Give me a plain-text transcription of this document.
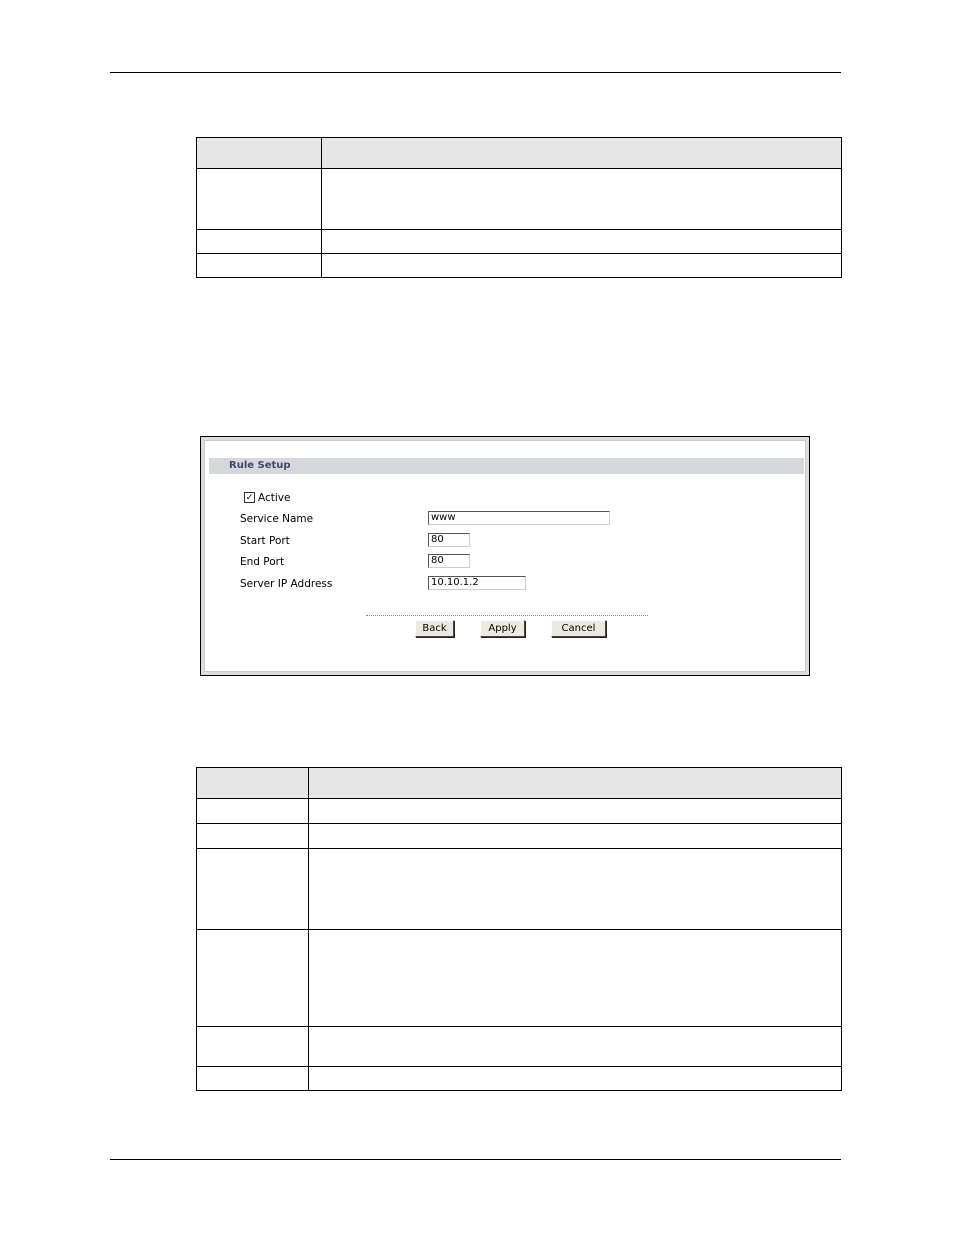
Rule Setup
✓ Active
Service Name	www
Start Port	80
End Port	80
Server IP Address	10.10.1.2
Back	Apply	Cancel
